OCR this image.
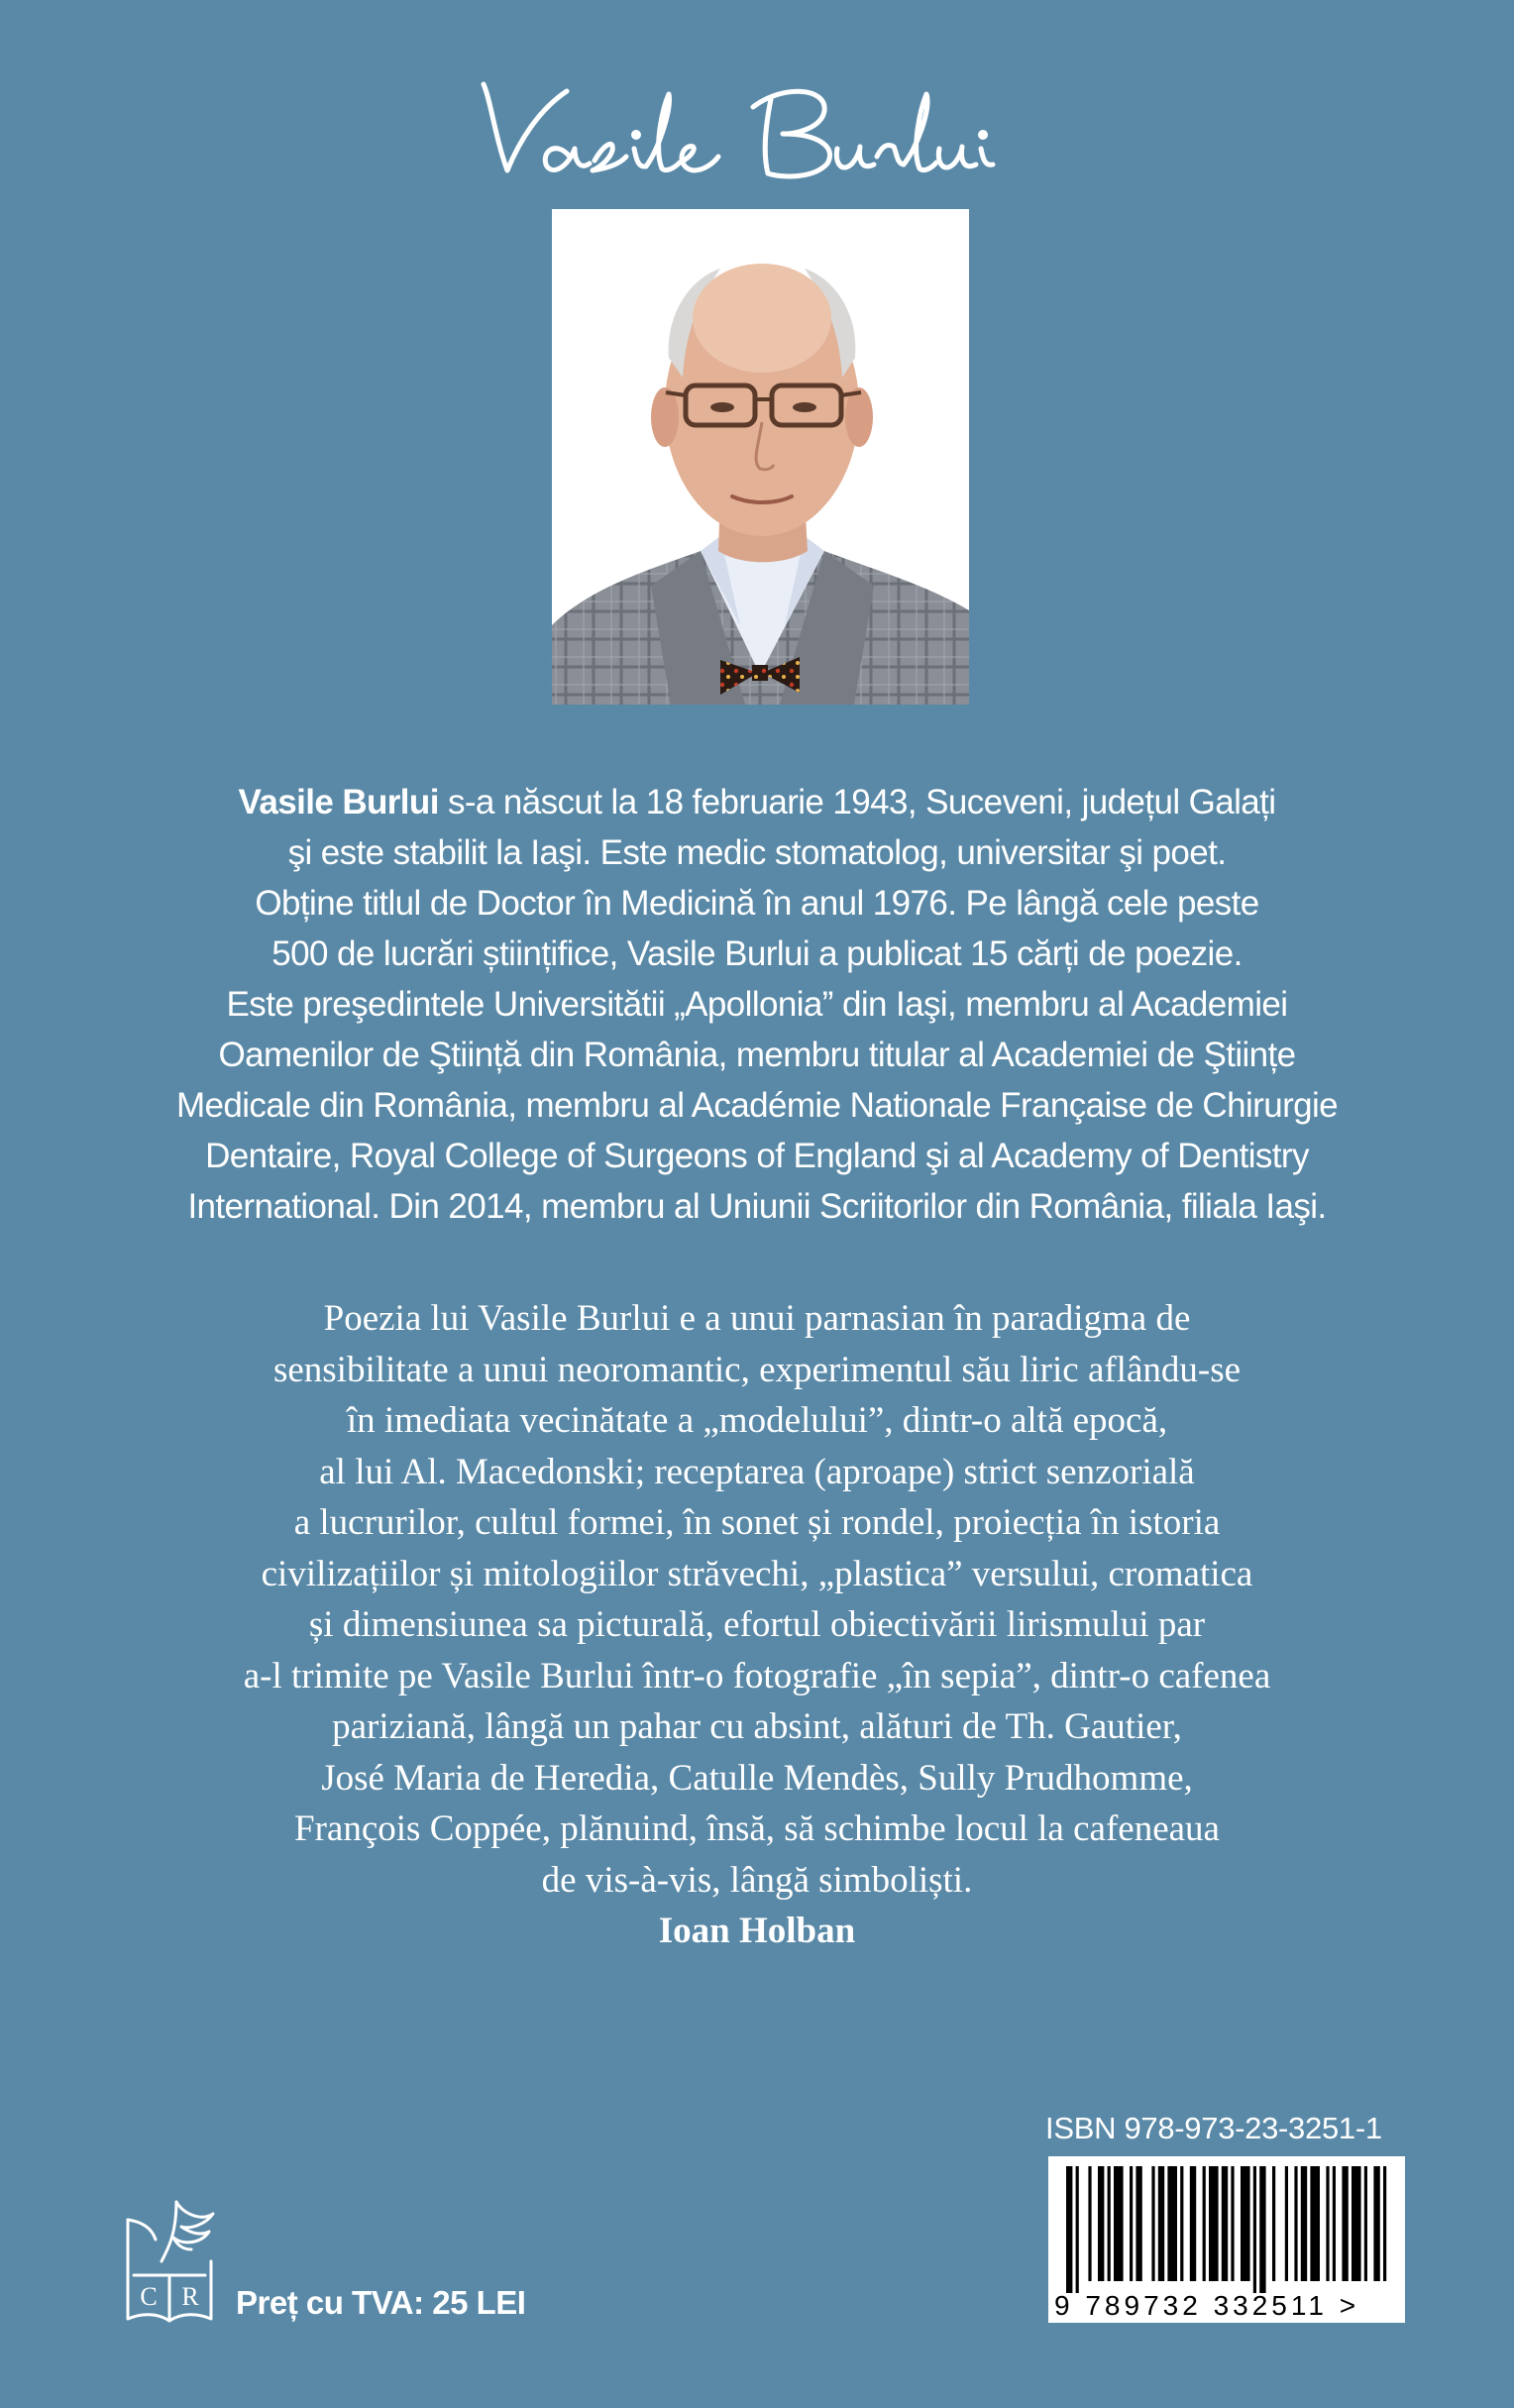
Vasile Burlui s-a născut la 18 februarie 1943, Suceveni, județul Galați
şi este stabilit la Iaşi. Este medic stomatolog, universitar şi poet.
Obține titlul de Doctor în Medicină în anul 1976. Pe lângă cele peste
500 de lucrări științifice, Vasile Burlui a publicat 15 cărți de poezie.
Este preşedintele Universitătii „Apollonia” din Iaşi, membru al Academiei
Oamenilor de Ştiință din România, membru titular al Academiei de Ştiințe
Medicale din România, membru al Académie Nationale Française de Chirurgie
Dentaire, Royal College of Surgeons of England şi al Academy of Dentistry
International. Din 2014, membru al Uniunii Scriitorilor din România, filiala Iaşi.
Poezia lui Vasile Burlui e a unui parnasian în paradigma de
sensibilitate a unui neoromantic, experimentul său liric aflându-se
în imediata vecinătate a „modelului”, dintr-o altă epocă,
al lui Al. Macedonski; receptarea (aproape) strict senzorială
a lucrurilor, cultul formei, în sonet și rondel, proiecția în istoria
civilizațiilor și mitologiilor străvechi, „plastica” versului, cromatica
și dimensiunea sa picturală, efortul obiectivării lirismului par
a-l trimite pe Vasile Burlui într-o fotografie „în sepia”, dintr-o cafenea
pariziană, lângă un pahar cu absint, alături de Th. Gautier,
José Maria de Heredia, Catulle Mendès, Sully Prudhomme,
François Coppée, plănuind, însă, să schimbe locul la cafeneaua
de vis-à-vis, lângă simboliști.
Ioan Holban
ISBN 978-973-23-3251-1
9 789732 332511 >
C R Preț cu TVA: 25 LEI
